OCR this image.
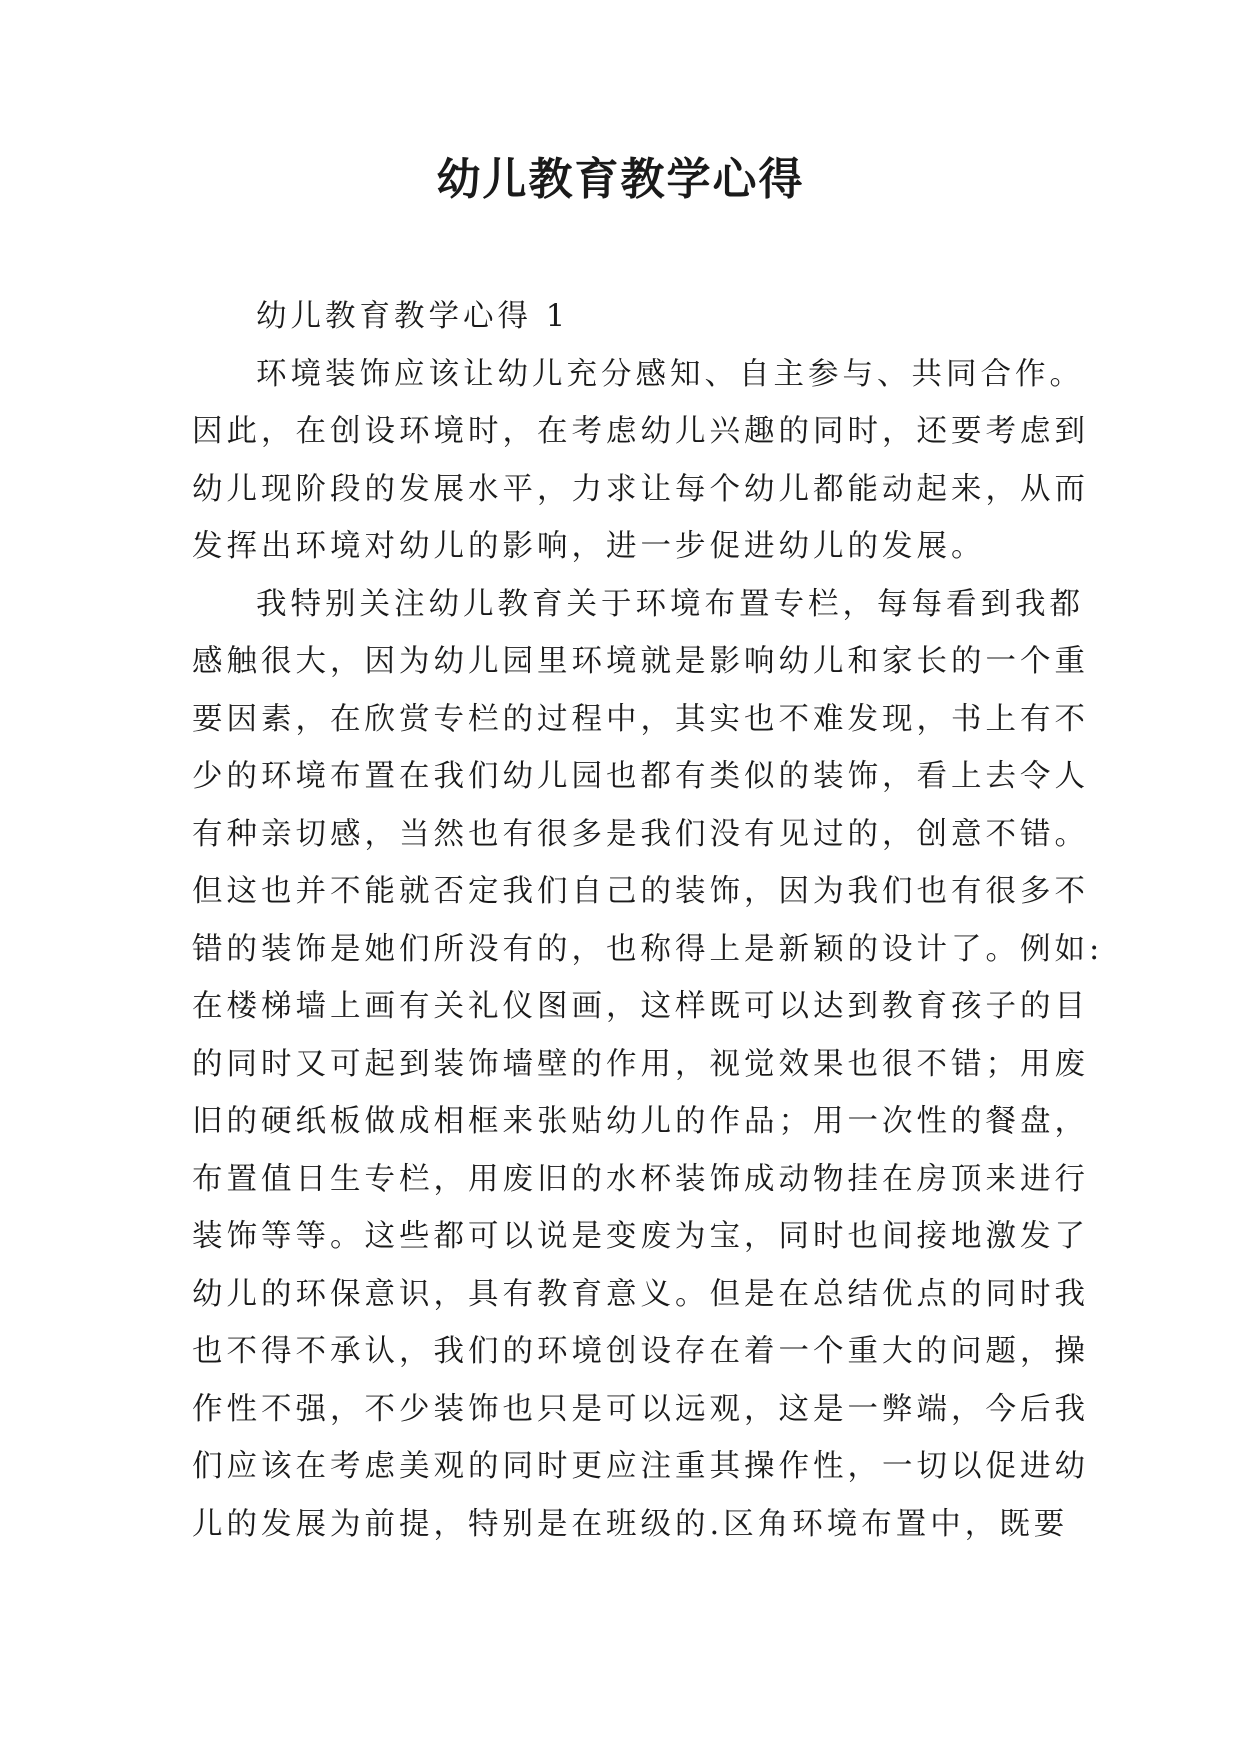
幼儿教育教学心得
幼儿教育教学心得 1
环境装饰应该让幼儿充分感知、自主参与、共同合作。
因此，在创设环境时，在考虑幼儿兴趣的同时，还要考虑到
幼儿现阶段的发展水平，力求让每个幼儿都能动起来，从而
发挥出环境对幼儿的影响，进一步促进幼儿的发展。
我特别关注幼儿教育关于环境布置专栏，每每看到我都
感触很大，因为幼儿园里环境就是影响幼儿和家长的一个重
要因素，在欣赏专栏的过程中，其实也不难发现，书上有不
少的环境布置在我们幼儿园也都有类似的装饰，看上去令人
有种亲切感，当然也有很多是我们没有见过的，创意不错。
但这也并不能就否定我们自己的装饰，因为我们也有很多不
错的装饰是她们所没有的，也称得上是新颖的设计了。例如:
在楼梯墙上画有关礼仪图画，这样既可以达到教育孩子的目
的同时又可起到装饰墙壁的作用，视觉效果也很不错；用废
旧的硬纸板做成相框来张贴幼儿的作品；用一次性的餐盘，
布置值日生专栏，用废旧的水杯装饰成动物挂在房顶来进行
装饰等等。这些都可以说是变废为宝，同时也间接地激发了
幼儿的环保意识，具有教育意义。但是在总结优点的同时我
也不得不承认，我们的环境创设存在着一个重大的问题，操
作性不强，不少装饰也只是可以远观，这是一弊端，今后我
们应该在考虑美观的同时更应注重其操作性，一切以促进幼
儿的发展为前提，特别是在班级的.区角环境布置中，既要
